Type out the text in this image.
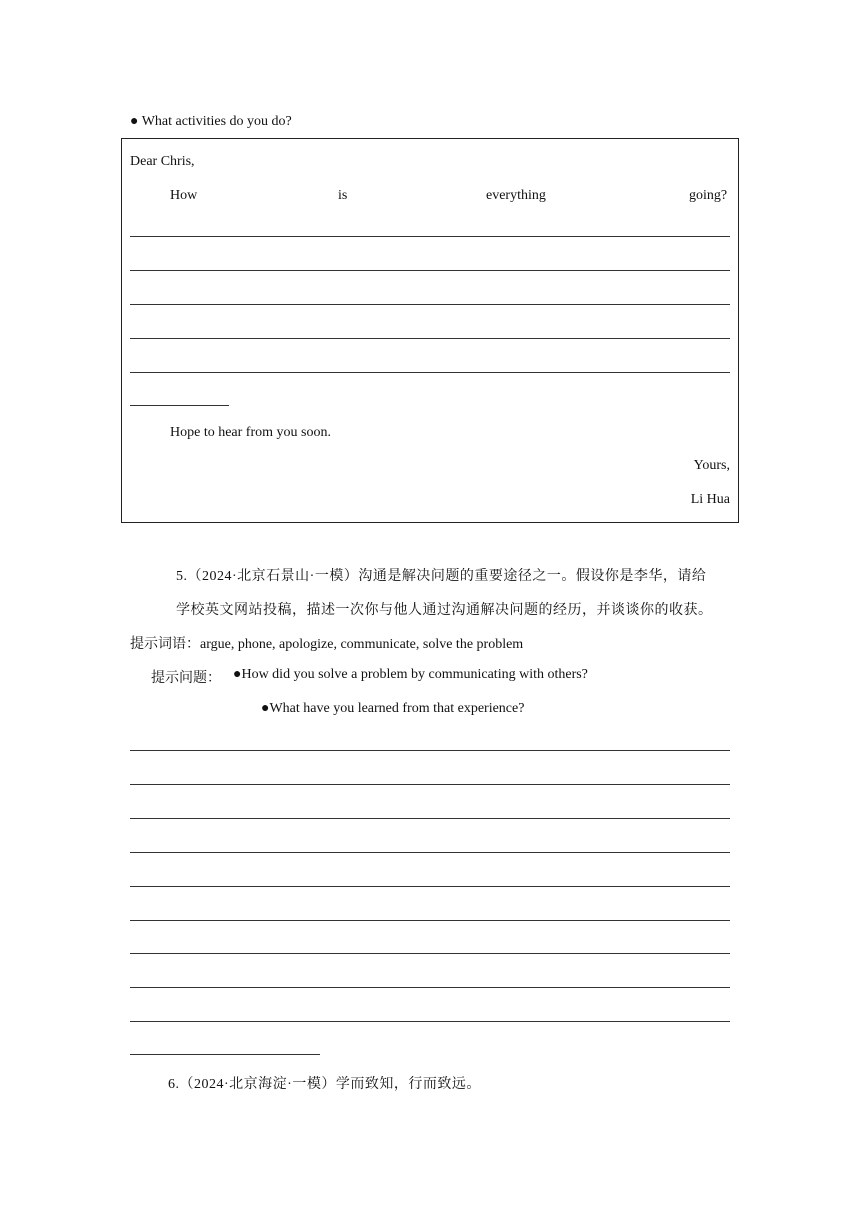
● What activities do you do?
Dear Chris,
How	is	everything	going?
Hope to hear from you soon.
Yours,
Li Hua
5.（2024·北京石景山·一模）沟通是解决问题的重要途径之一。假设你是李华，请给
学校英文网站投稿，描述一次你与他人通过沟通解决问题的经历，并谈谈你的收获。
提示词语：argue, phone, apologize, communicate, solve the problem
提示问题： ●How did you solve a problem by communicating with others?
●What have you learned from that experience?
6.（2024·北京海淀·一模）学而致知，行而致远。
